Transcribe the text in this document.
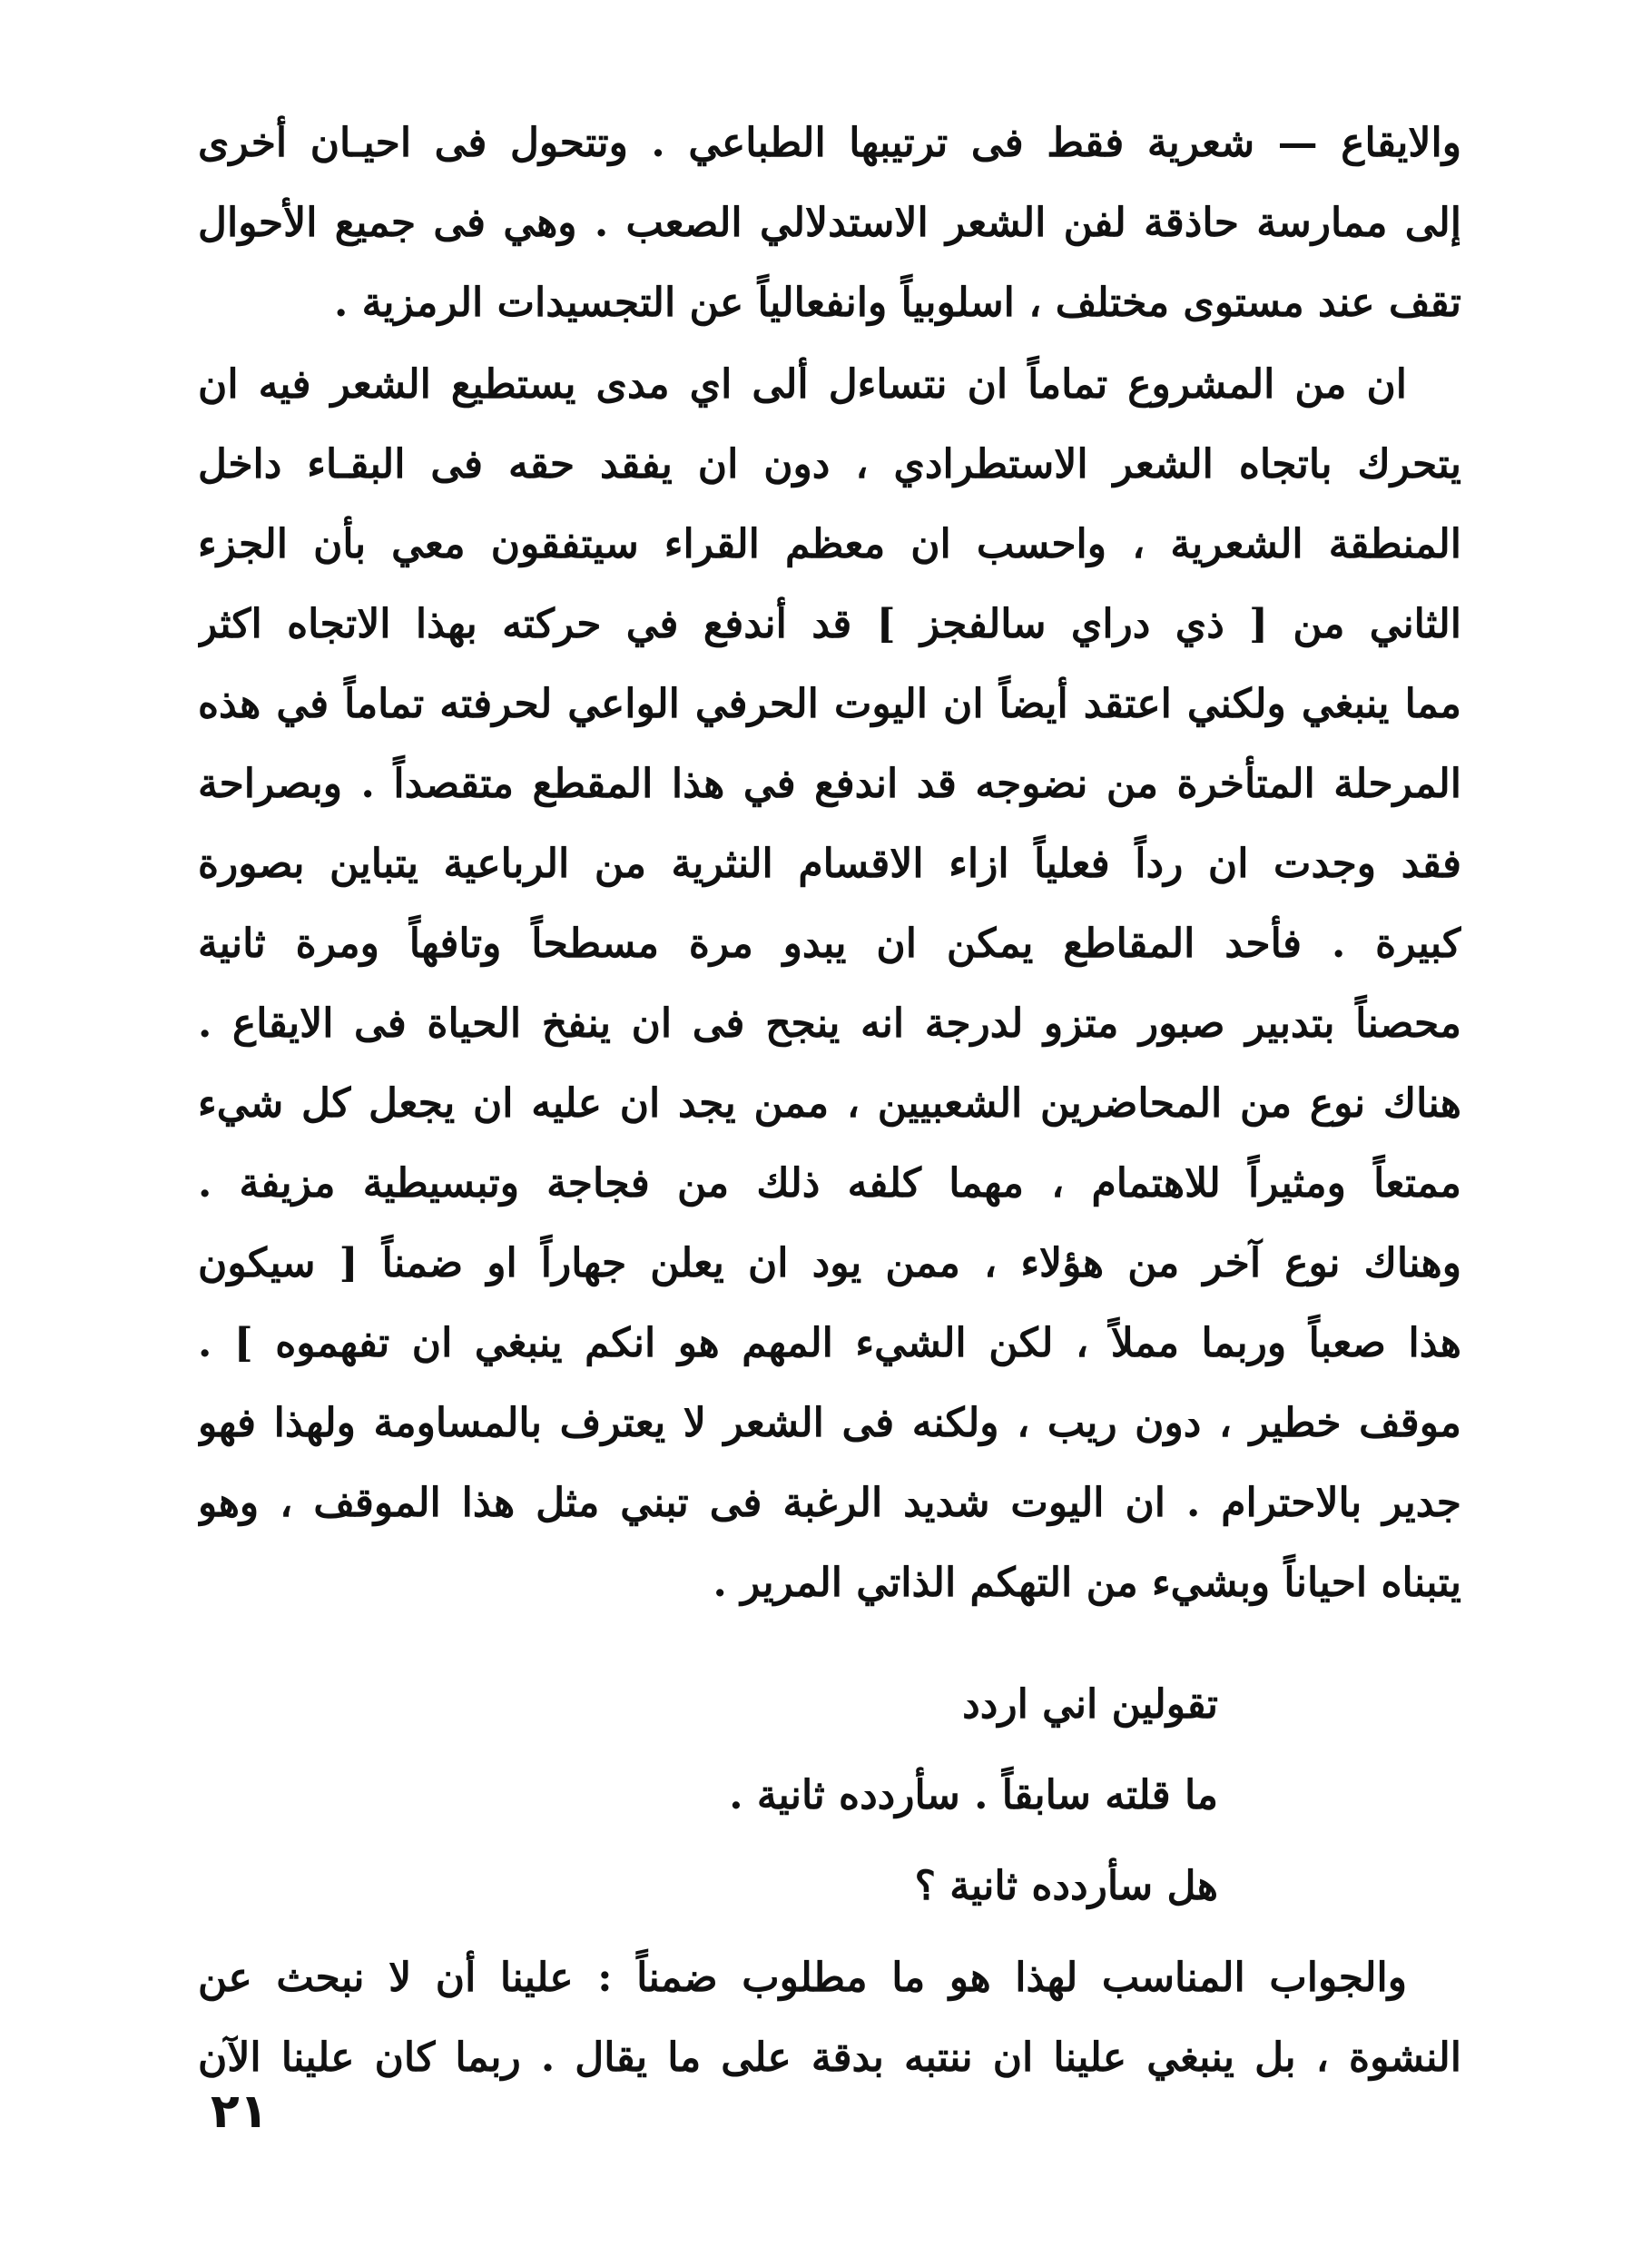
والايقاع — شعرية فقط فى ترتيبها الطباعي . وتتحول فى احيـان أخرى
إلى ممارسة حاذقة لفن الشعر الاستدلالي الصعب . وهي فى جميع الأحوال
تقف عند مستوى مختلف ، اسلوبياً وانفعالياً عن التجسيدات الرمزية .
ان من المشروع تماماً ان نتساءل ألى اي مدى يستطيع الشعر فيه ان
يتحرك باتجاه الشعر الاستطرادي ، دون ان يفقد حقه فى البقـاء داخل
المنطقة الشعرية ، واحسب ان معظم القراء سيتفقون معي بأن الجزء
الثاني من [ ذي دراي سالفجز ] قد أندفع في حركته بهذا الاتجاه اكثر
مما ينبغي ولكني اعتقد أيضاً ان اليوت الحرفي الواعي لحرفته تماماً في هذه
المرحلة المتأخرة من نضوجه قد اندفع في هذا المقطع متقصداً . وبصراحة
فقد وجدت ان رداً فعلياً ازاء الاقسام النثرية من الرباعية يتباين بصورة
كبيرة . فأحد المقاطع يمكن ان يبدو مرة مسطحاً وتافهاً ومرة ثانية
محصناً بتدبير صبور متزو لدرجة انه ينجح فى ان ينفخ الحياة فى الايقاع .
هناك نوع من المحاضرين الشعبيين ، ممن يجد ان عليه ان يجعل كل شيء
ممتعاً ومثيراً للاهتمام ، مهما كلفه ذلك من فجاجة وتبسيطية مزيفة .
وهناك نوع آخر من هؤلاء ، ممن يود ان يعلن جهاراً او ضمناً [ سيكون
هذا صعباً وربما مملاً ، لكن الشيء المهم هو انكم ينبغي ان تفهموه ] .
موقف خطير ، دون ريب ، ولكنه فى الشعر لا يعترف بالمساومة ولهذا فهو
جدير بالاحترام . ان اليوت شديد الرغبة فى تبني مثل هذا الموقف ، وهو
يتبناه احياناً وبشيء من التهكم الذاتي المرير .
تقولين اني اردد
ما قلته سابقاً . سأردده ثانية .
هل سأردده ثانية ؟
والجواب المناسب لهذا هو ما مطلوب ضمناً : علينا أن لا نبحث عن
النشوة ، بل ينبغي علينا ان ننتبه بدقة على ما يقال . ربما كان علينا الآن
٢١
